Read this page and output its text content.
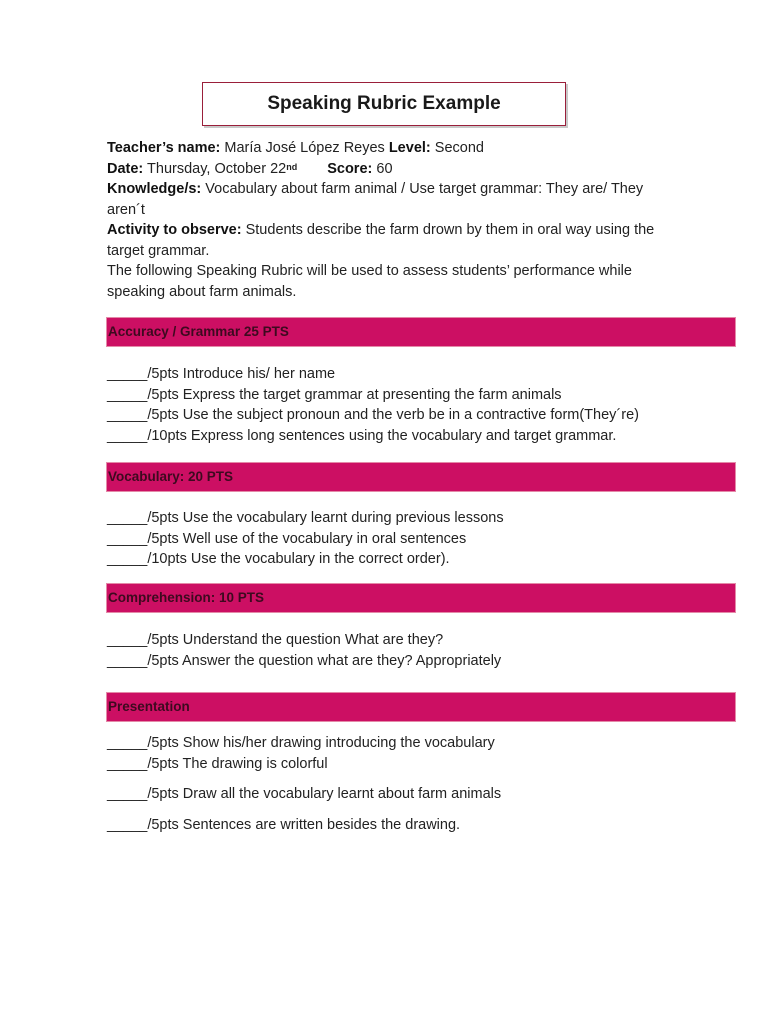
Speaking Rubric Example

Teacher’s name: María José López Reyes Level: Second

Date: Thursday, October 22nd Score: 60

Knowledge/s: Vocabulary about farm animal / Use target grammar: They are/ They aren´t

Activity to observe: Students describe the farm drown by them in oral way using the target grammar.

The following Speaking Rubric will be used to assess students’ performance while speaking about farm animals.

Accuracy / Grammar 25 PTS
_____/5pts Introduce his/ her name
_____/5pts Express the target grammar at presenting the farm animals
_____/5pts Use the subject pronoun and the verb be in a contractive form(They´re)
_____/10pts Express long sentences using the vocabulary and target grammar.
Vocabulary: 20 PTS
_____/5pts Use the vocabulary learnt during previous lessons
_____/5pts Well use of the vocabulary in oral sentences
_____/10pts Use the vocabulary in the correct order).
Comprehension: 10 PTS
_____/5pts Understand the question What are they?
_____/5pts Answer the question what are they? Appropriately
Presentation
_____/5pts Show his/her drawing introducing the vocabulary
_____/5pts The drawing is colorful
_____/5pts Draw all the vocabulary learnt about farm animals
_____/5pts Sentences are written besides the drawing.
